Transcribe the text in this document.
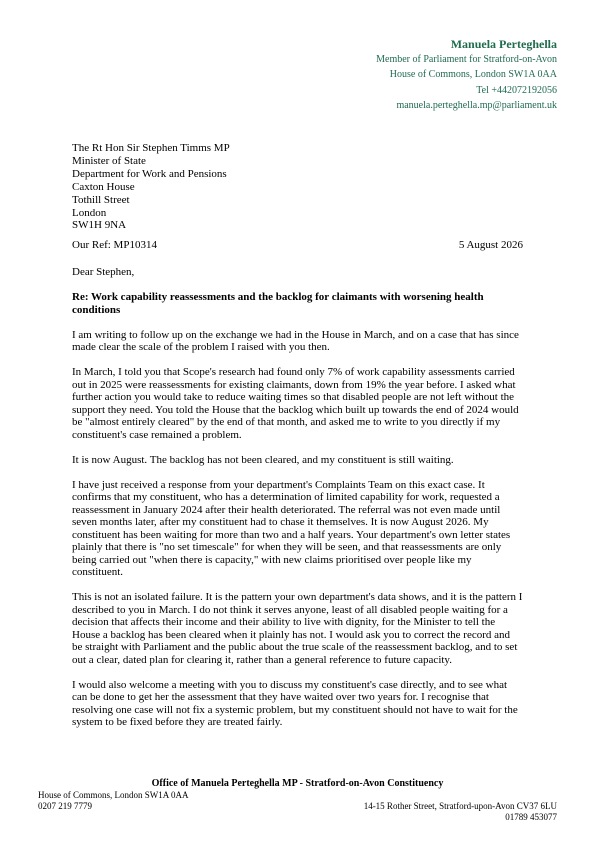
Manuela Perteghella
Member of Parliament for Stratford-on-Avon
House of Commons, London SW1A 0AA
Tel +442072192056
manuela.perteghella.mp@parliament.uk
The Rt Hon Sir Stephen Timms MP
Minister of State
Department for Work and Pensions
Caxton House
Tothill Street
London
SW1H 9NA
Our Ref: MP10314	5 August 2026

Dear Stephen,

Re: Work capability reassessments and the backlog for claimants with worsening health conditions

I am writing to follow up on the exchange we had in the House in March, and on a case that has since made clear the scale of the problem I raised with you then.

In March, I told you that Scope's research had found only 7% of work capability assessments carried out in 2025 were reassessments for existing claimants, down from 19% the year before. I asked what further action you would take to reduce waiting times so that disabled people are not left without the support they need. You told the House that the backlog which built up towards the end of 2024 would be "almost entirely cleared" by the end of that month, and asked me to write to you directly if my constituent's case remained a problem.

It is now August. The backlog has not been cleared, and my constituent is still waiting.

I have just received a response from your department's Complaints Team on this exact case. It confirms that my constituent, who has a determination of limited capability for work, requested a reassessment in January 2024 after their health deteriorated. The referral was not even made until seven months later, after my constituent had to chase it themselves. It is now August 2026. My constituent has been waiting for more than two and a half years. Your department's own letter states plainly that there is "no set timescale" for when they will be seen, and that reassessments are only being carried out "when there is capacity," with new claims prioritised over people like my constituent.

This is not an isolated failure. It is the pattern your own department's data shows, and it is the pattern I described to you in March. I do not think it serves anyone, least of all disabled people waiting for a decision that affects their income and their ability to live with dignity, for the Minister to tell the House a backlog has been cleared when it plainly has not. I would ask you to correct the record and be straight with Parliament and the public about the true scale of the reassessment backlog, and to set out a clear, dated plan for clearing it, rather than a general reference to future capacity.

I would also welcome a meeting with you to discuss my constituent's case directly, and to see what can be done to get her the assessment that they have waited over two years for. I recognise that resolving one case will not fix a systemic problem, but my constituent should not have to wait for the system to be fixed before they are treated fairly.

Office of Manuela Perteghella MP - Stratford-on-Avon Constituency
House of Commons, London SW1A 0AA
0207 219 7779	14-15 Rother Street, Stratford-upon-Avon CV37 6LU
01789 453077
